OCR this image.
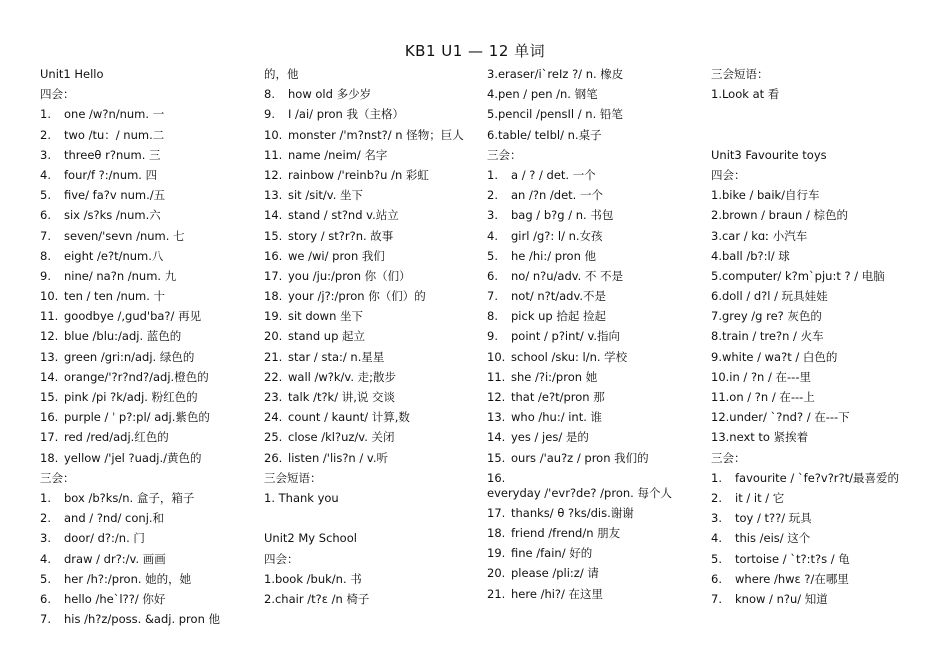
KB1 U1 — 12 单词
Unit1 Hello
四会：
1. one /w?n/num. 一
2. two /tu：/ num.二
3. threeθ r?num. 三
4. four/f ?:/num. 四
5. five/ fa?v num./五
6. six /s?ks /num.六
7. seven/'sevn /num. 七
8. eight /e?t/num.八
9. nine/ na?n /num. 九
10. ten / ten /num. 十
11. goodbye /,gud'ba?/ 再见
12. blue /blu:/adj. 蓝色的
13. green /gri:n/adj. 绿色的
14. orange/'?r?nd?/adj.橙色的
15. pink /pi ?k/adj. 粉红色的
16. purple / ˈ p?:pl/ adj.紫色的
17. red /red/adj.红色的
18. yellow /'jel ?uadj./黄色的
三会：
1. box /b?ks/n. 盒子，箱子
2. and / ?nd/ conj.和
3. door/ d?:/n. 门
4. draw / dr?:/v. 画画
5. her /h?:/pron. 她的，她
6. hello /he`l??/ 你好
7. his /h?z/poss. &adj. pron 他
的，他
8. how old 多少岁
9. I /ai/ pron 我（主格）
10. monster /'m?nst?/ n 怪物；巨人
11. name /neim/ 名字
12. rainbow /'reinb?u /n 彩虹
13. sit /sit/v. 坐下
14. stand / st?nd v.站立
15. story / st?r?n. 故事
16. we /wi/ pron 我们
17. you /ju:/pron 你（们）
18. your /j?:/pron 你（们）的
19. sit down 坐下
20. stand up 起立
21. star / sta:/ n.星星
22. wall /w?k/v. 走;散步
23. talk /t?k/ 讲,说 交谈
24. count / kaunt/ 计算,数
25. close /kl?uz/v. 关闭
26. listen /'lis?n / v.听
三会短语：
1. Thank you
Unit2 My School
四会：
1.book /buk/n. 书
2.chair /t?ε /n 椅子
3.eraser/i`reIz ?/ n. 橡皮
4.pen / pen /n. 钢笔
5.pencil /pensIl / n. 铅笔
6.table/ teIbl/ n.桌子
三会：
1. a / ? / det. 一个
2. an /?n /det. 一个
3. bag / b?g / n. 书包
4. girl /g?: l/ n.女孩
5. he /hi:/ pron 他
6. no/ n?u/adv. 不 不是
7. not/ n?t/adv.不是
8. pick up 拾起 捡起
9. point / p?int/ v.指向
10. school /sku: l/n. 学校
11. she /?i:/pron 她
12. that /e?t/pron 那
13. who /hu:/ int. 谁
14. yes / jes/ 是的
15. ours /'au?z / pron 我们的
16.everyday /'evr?de? /pron. 每个人
17. thanks/ θ ?ks/dis.谢谢
18. friend /frend/n 朋友
19. fine /fain/ 好的
20. please /pli:z/ 请
21. here /hi?/ 在这里
三会短语：
1.Look at 看
Unit3 Favourite toys
四会：
1.bike / baik/自行车
2.brown / braun / 棕色的
3.car / kɑː 小汽车
4.ball /b?:l/ 球
5.computer/ k?m`pju:t ? / 电脑
6.doll / d?l / 玩具娃娃
7.grey /g re? 灰色的
8.train / tre?n / 火车
9.white / wa?t / 白色的
10.in / ?n / 在---里
11.on / ?n / 在---上
12.under/ `?nd? / 在---下
13.next to 紧挨着
三会：
1. favourite / `fe?v?r?t/最喜爱的
2. it / it / 它
3. toy / t??/ 玩具
4. this /eis/ 这个
5. tortoise / `t?:t?s / 龟
6. where /hwε ?/在哪里
7. know / n?u/ 知道
